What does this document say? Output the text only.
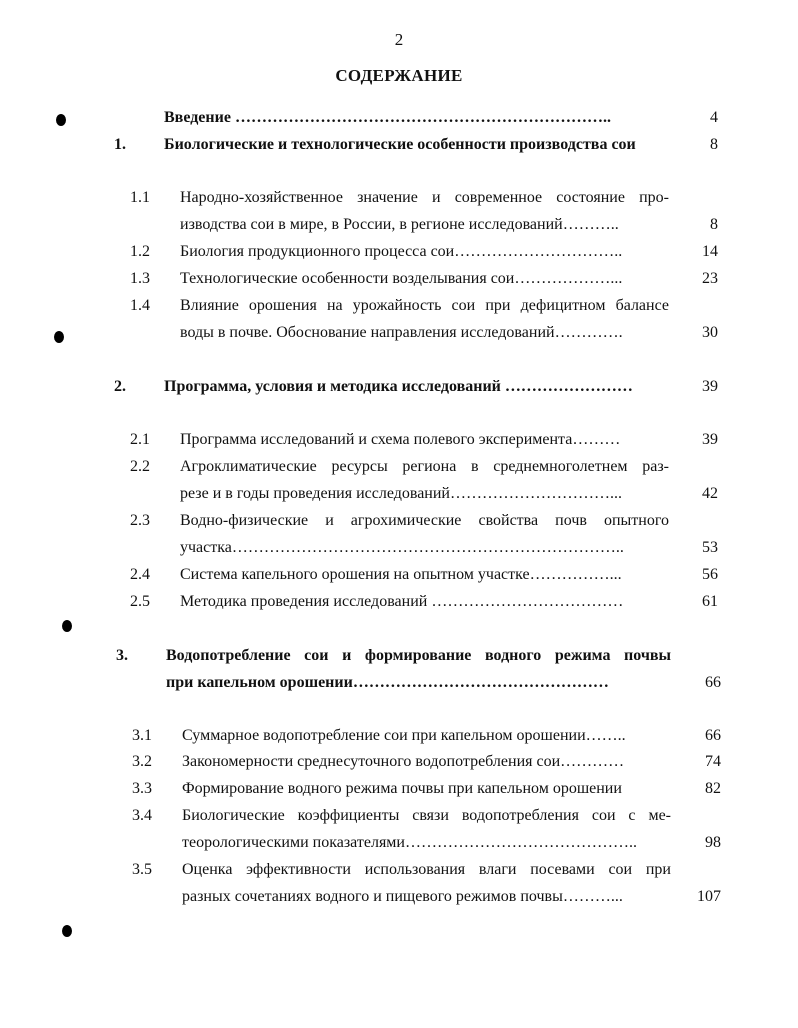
2
СОДЕРЖАНИЕ
Введение ……………………………………………………………..	4
1.	Биологические и технологические особенности производства сои	8
1.1	Народно-хозяйственное значение и современное состояние про-
изводства сои в мире, в России, в регионе исследований………..	8
1.2	Биология продукционного процесса сои…………………………..	14
1.3	Технологические особенности возделывания сои………………...	23
1.4	Влияние орошения на урожайность сои при дефицитном балансе
воды в почве. Обоснование направления исследований………….	30
2.	Программа, условия и методика исследований ……………………	39
2.1	Программа исследований и схема полевого эксперимента………	39
2.2	Агроклиматические ресурсы региона в среднемноголетнем раз-
резе и в годы проведения исследований…………………………...	42
2.3	Водно-физические и агрохимические свойства почв опытного
участка………………………………………………………………..	53
2.4	Система капельного орошения на опытном участке……………...	56
2.5	Методика проведения исследований ………………………………	61
3.	Водопотребление сои и формирование водного режима почвы
при капельном орошении…………………………………………	66
3.1	Суммарное водопотребление сои при капельном орошении……..	66
3.2	Закономерности среднесуточного водопотребления сои…………	74
3.3	Формирование водного режима почвы при капельном орошении	82
3.4	Биологические коэффициенты связи водопотребления сои с ме-
теорологическими показателями……………………………………..	98
3.5	Оценка эффективности использования влаги посевами сои при
разных сочетаниях водного и пищевого режимов почвы………...	107
